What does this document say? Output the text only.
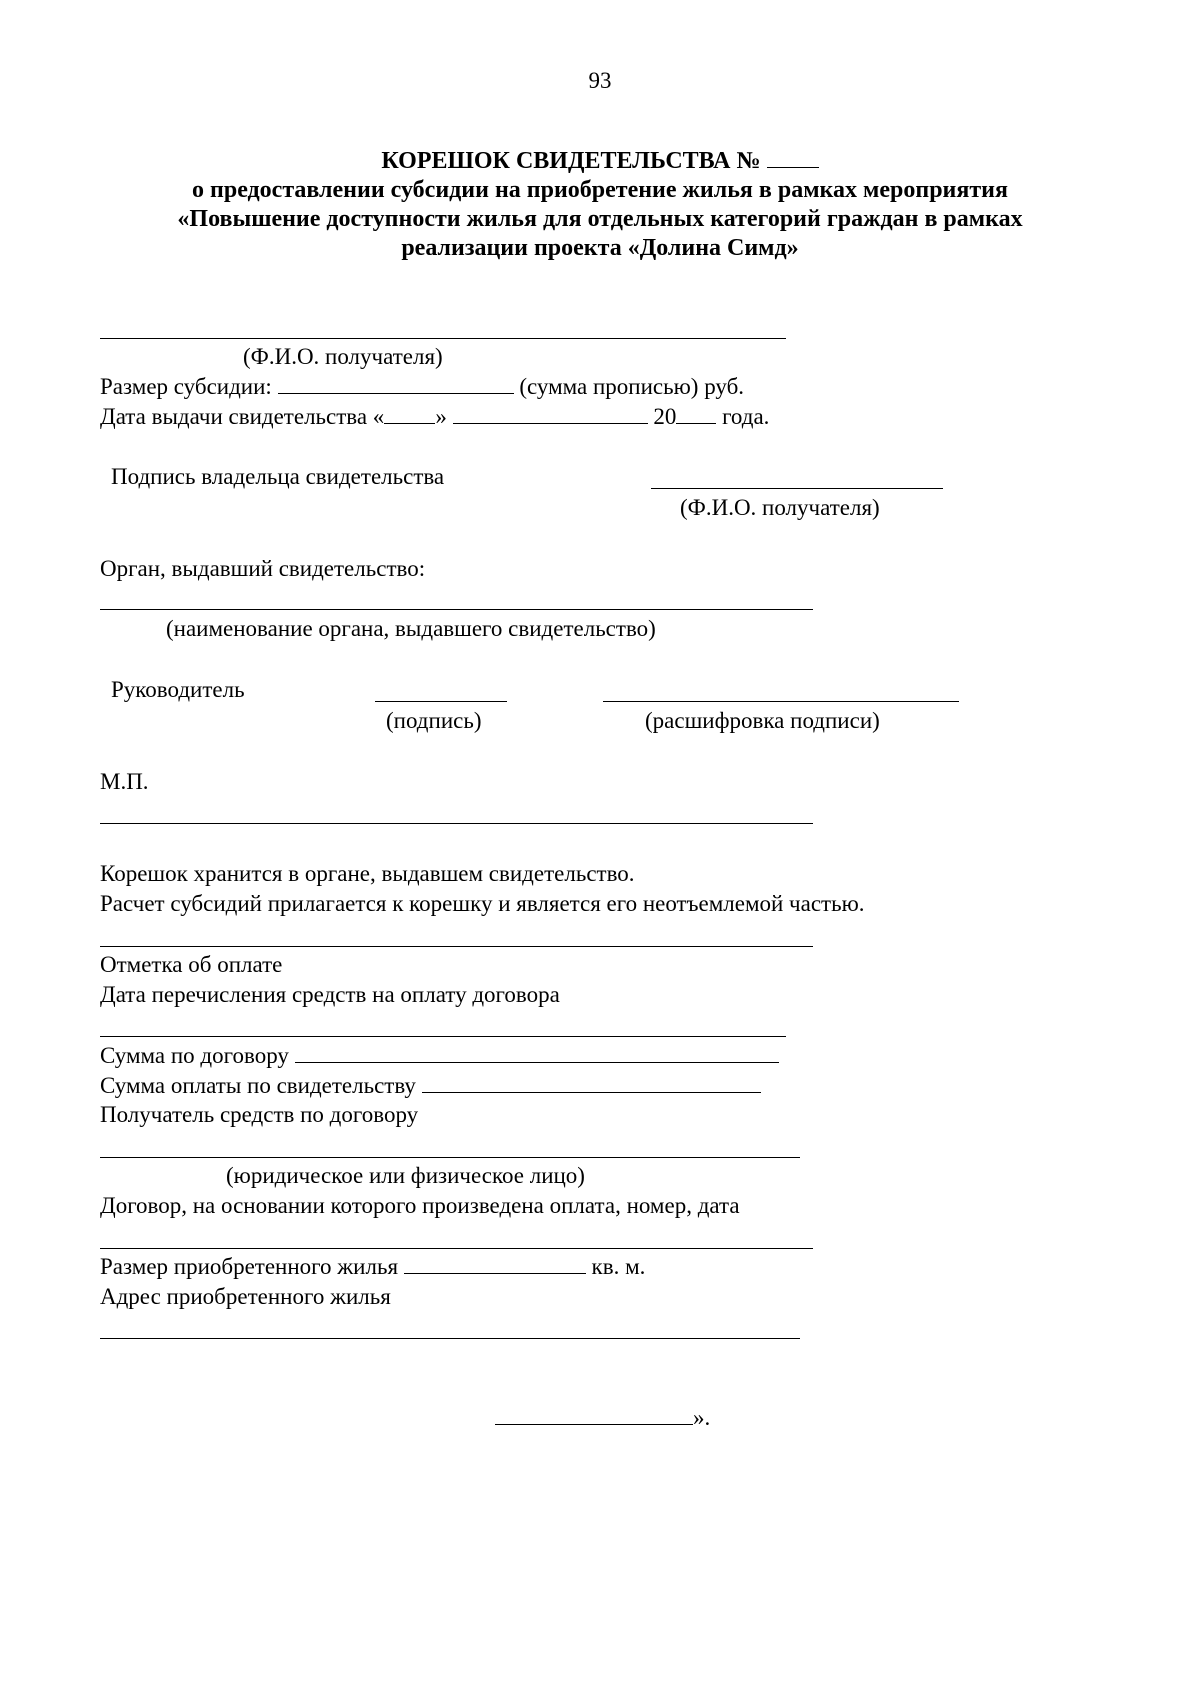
93
КОРЕШОК СВИДЕТЕЛЬСТВА №
о предоставлении субсидии на приобретение жилья в рамках мероприятия
«Повышение доступности жилья для отдельных категорий граждан в рамках
реализации проекта «Долина Симд»
(Ф.И.О. получателя)
Размер субсидии:	(сумма прописью) руб.
Дата выдачи свидетельства « »	20 года.
Подпись владельца свидетельства
(Ф.И.О. получателя)
Орган, выдавший свидетельство:
(наименование органа, выдавшего свидетельство)
Руководитель
(подпись)	(расшифровка подписи)
М.П.
Корешок хранится в органе, выдавшем свидетельство.
Расчет субсидий прилагается к корешку и является его неотъемлемой частью.
Отметка об оплате
Дата перечисления средств на оплату договора
Сумма по договору
Сумма оплаты по свидетельству
Получатель средств по договору
(юридическое или физическое лицо)
Договор, на основании которого произведена оплата, номер, дата
Размер приобретенного жилья	кв. м.
Адрес приобретенного жилья
».
